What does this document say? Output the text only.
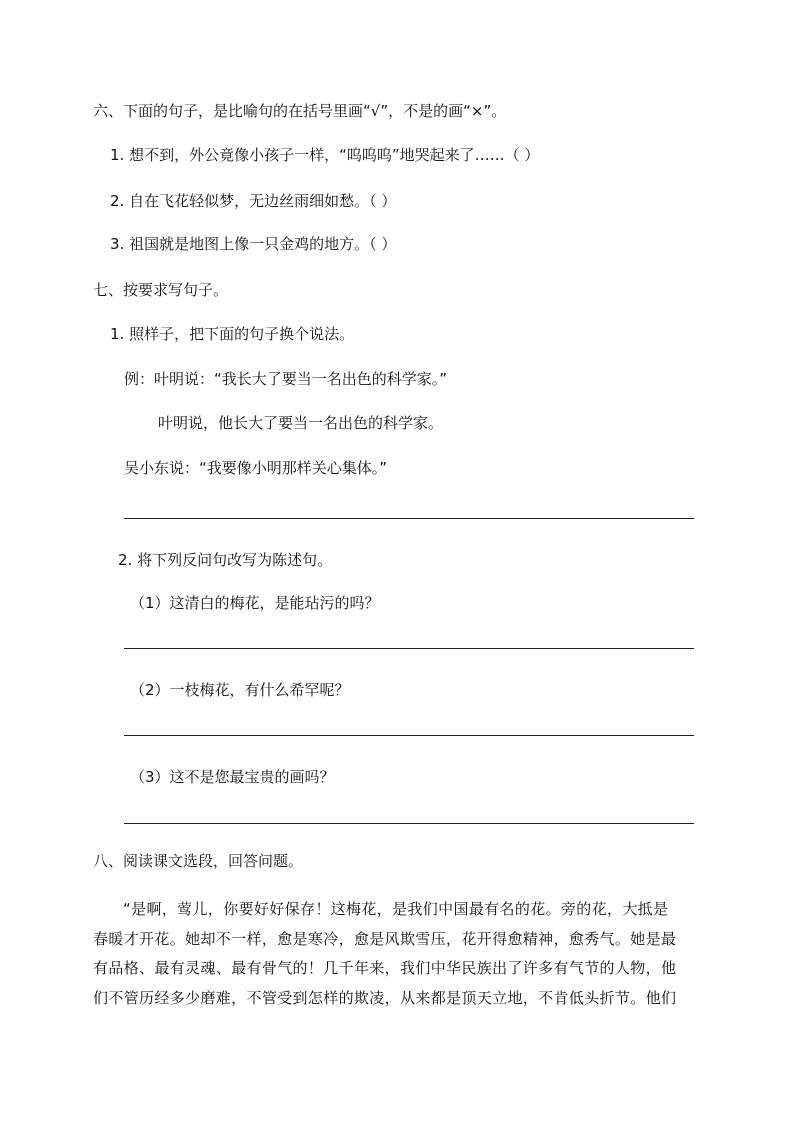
六、下面的句子，是比喻句的在括号里画“√”，不是的画“×”。
1. 想不到，外公竟像小孩子一样，“呜呜呜”地哭起来了……（ ）
2. 自在飞花轻似梦，无边丝雨细如愁。（ ）
3. 祖国就是地图上像一只金鸡的地方。（ ）
七、按要求写句子。
1. 照样子，把下面的句子换个说法。
例：叶明说：“我长大了要当一名出色的科学家。”
叶明说，他长大了要当一名出色的科学家。
吴小东说：“我要像小明那样关心集体。”
2. 将下列反问句改写为陈述句。
（1）这清白的梅花，是能玷污的吗？
（2）一枝梅花，有什么希罕呢？
（3）这不是您最宝贵的画吗？
八、阅读课文选段，回答问题。
“是啊，莺儿，你要好好保存！这梅花，是我们中国最有名的花。旁的花，大抵是
春暖才开花。她却不一样，愈是寒冷，愈是风欺雪压，花开得愈精神，愈秀气。她是最
有品格、最有灵魂、最有骨气的！几千年来，我们中华民族出了许多有气节的人物，他
们不管历经多少磨难，不管受到怎样的欺凌，从来都是顶天立地，不肯低头折节。他们
